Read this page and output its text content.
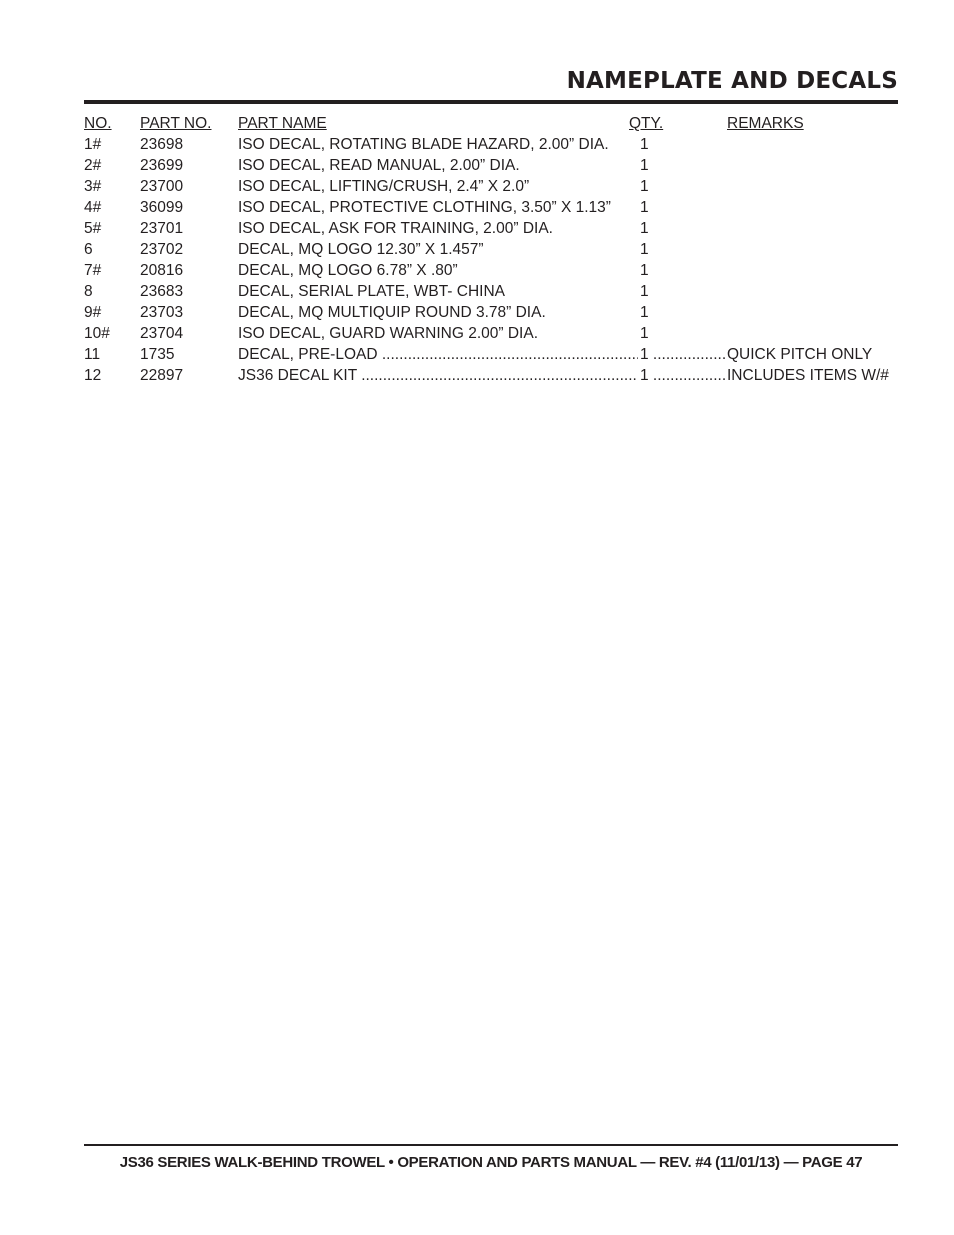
NAMEPLATE AND DECALS
NO. PART NO. PART NAME	QTY.	REMARKS
1#	23698	ISO DECAL, ROTATING BLADE HAZARD, 2.00” DIA. 1
2#	23699	ISO DECAL, READ MANUAL, 2.00” DIA.	1
3#	23700	ISO DECAL, LIFTING/CRUSH, 2.4” X 2.0”	1
4#	36099	ISO DECAL, PROTECTIVE CLOTHING, 3.50” X 1.13” 1
5#	23701	ISO DECAL, ASK FOR TRAINING, 2.00” DIA.	1
6	23702	DECAL, MQ LOGO 12.30” X 1.457”	1
7#	20816	DECAL, MQ LOGO 6.78” X .80”	1
8	23683	DECAL, SERIAL PLATE, WBT- CHINA	1
9#	23703	DECAL, MQ MULTIQUIP ROUND 3.78” DIA.	1
10# 23704	ISO DECAL, GUARD WARNING 2.00” DIA.	1
11	1735	DECAL, PRE-LOAD .....	1 .....	QUICK PITCH ONLY
12	22897	JS36 DECAL KIT .....	1 .....	INCLUDES ITEMS W/#
JS36 SERIES WALK-BEHIND TROWEL • OPERATION AND PARTS MANUAL — REV. #4 (11/01/13) — PAGE 47
